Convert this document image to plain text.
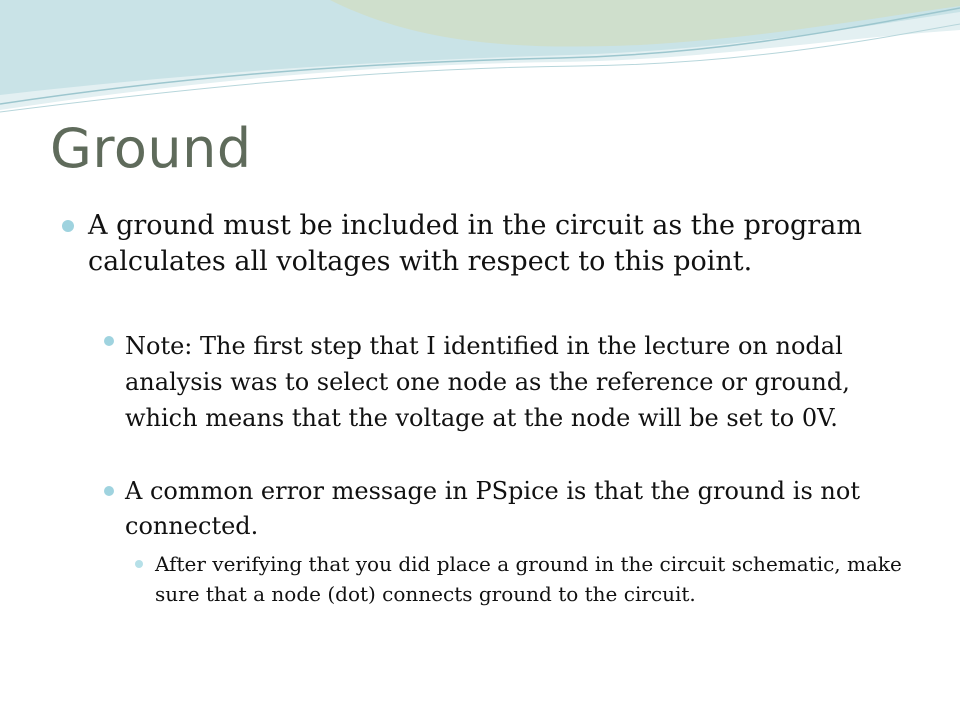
Ground
A ground must be included in the circuit as the program calculates all voltages with respect to this point.
Note: The first step that I identified in the lecture on nodal analysis was to select one node as the reference or ground, which means that the voltage at the node will be set to 0V.
A common error message in PSpice is that the ground is not connected.
After verifying that you did place a ground in the circuit schematic, make sure that a node (dot) connects ground to the circuit.
